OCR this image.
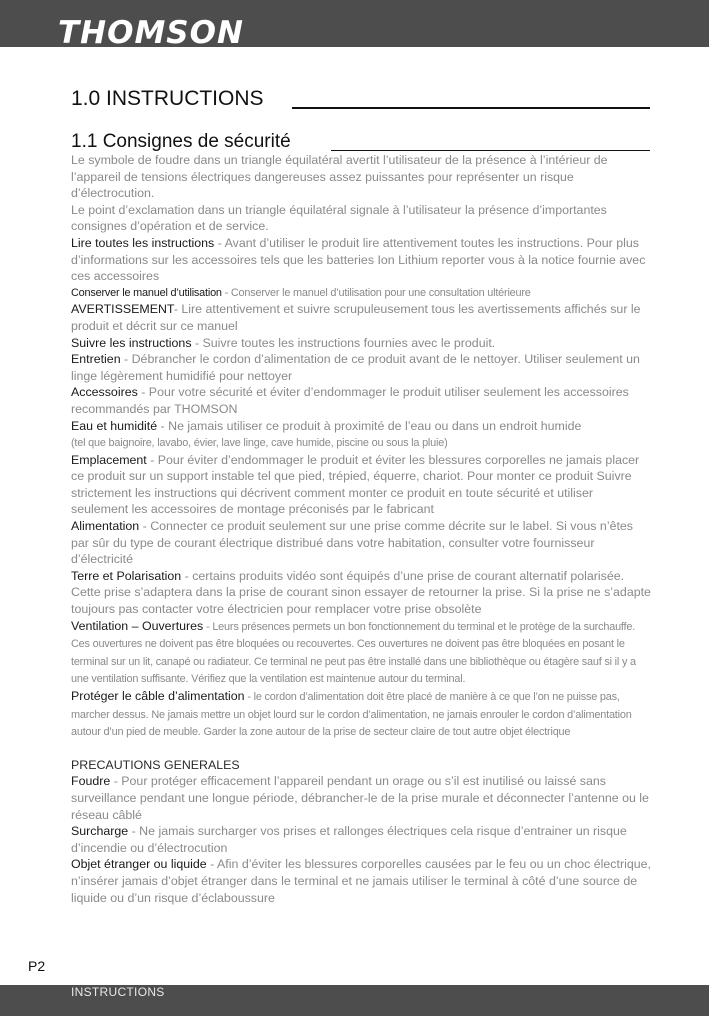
THOMSON
1.0 INSTRUCTIONS
1.1 Consignes de sécurité

Le symbole de foudre dans un triangle équilatéral avertit l’utilisateur de la présence à l’intérieur de l’appareil de tensions électriques dangereuses assez puissantes pour représenter un risque d’électrocution.

Le point d’exclamation dans un triangle équilatéral signale à l’utilisateur la présence d’importantes consignes d’opération et de service.

Lire toutes les instructions - Avant d’utiliser le produit lire attentivement toutes les instructions. Pour plus d’informations sur les accessoires tels que les batteries Ion Lithium reporter vous à la notice fournie avec ces accessoires

Conserver le manuel d’utilisation - Conserver le manuel d’utilisation pour une consultation ultérieure

AVERTISSEMENT- Lire attentivement et suivre scrupuleusement tous les avertissements affichés sur le produit et décrit sur ce manuel

Suivre les instructions - Suivre toutes les instructions fournies avec le produit.

Entretien - Débrancher le cordon d’alimentation de ce produit avant de le nettoyer. Utiliser seulement un linge légèrement humidifié pour nettoyer

Accessoires - Pour votre sécurité et éviter d’endommager le produit utiliser seulement les accessoires recommandés par THOMSON

Eau et humidité - Ne jamais utiliser ce produit à proximité de l’eau ou dans un endroit humide
(tel que baignoire, lavabo, évier, lave linge, cave humide, piscine ou sous la pluie)

Emplacement - Pour éviter d’endommager le produit et éviter les blessures corporelles ne jamais placer ce produit sur un support instable tel que pied, trépied, équerre, chariot. Pour monter ce produit Suivre strictement les instructions qui décrivent comment monter ce produit en toute sécurité et utiliser seulement les accessoires de montage préconisés par le fabricant

Alimentation - Connecter ce produit seulement sur une prise comme décrite sur le label. Si vous n’êtes par sûr du type de courant électrique distribué dans votre habitation, consulter votre fournisseur d’électricité

Terre et Polarisation - certains produits vidéo sont équipés d’une prise de courant alternatif polarisée. Cette prise s’adaptera dans la prise de courant sinon essayer de retourner la prise. Si la prise ne s’adapte toujours pas contacter votre électricien pour remplacer votre prise obsolète

Ventilation – Ouvertures - Leurs présences permets un bon fonctionnement du terminal et le protège de la surchauffe. Ces ouvertures ne doivent pas être bloquées ou recouvertes. Ces ouvertures ne doivent pas être bloquées en posant le terminal sur un lit, canapé ou radiateur. Ce terminal ne peut pas être installé dans une bibliothèque ou étagère sauf si il y a une ventilation suffisante. Vérifiez que la ventilation est maintenue autour du terminal.

Protéger le câble d’alimentation - le cordon d’alimentation doit être placé de manière à ce que l’on ne puisse pas, marcher dessus. Ne jamais mettre un objet lourd sur le cordon d’alimentation, ne jamais enrouler le cordon d’alimentation autour d’un pied de meuble. Garder la zone autour de la prise de secteur claire de tout autre objet électrique

PRECAUTIONS GENERALES

Foudre - Pour protéger efficacement l’appareil pendant un orage ou s’il est inutilisé ou laissé sans surveillance pendant une longue période, débrancher-le de la prise murale et déconnecter l’antenne ou le réseau câblé

Surcharge - Ne jamais surcharger vos prises et rallonges électriques cela risque d’entrainer un risque d’incendie ou d’électrocution

Objet étranger ou liquide - Afin d’éviter les blessures corporelles causées par le feu ou un choc électrique, n’insérer jamais d’objet étranger dans le terminal et ne jamais utiliser le terminal à côté d’une source de liquide ou d’un risque d’éclaboussure

P2
INSTRUCTIONS
